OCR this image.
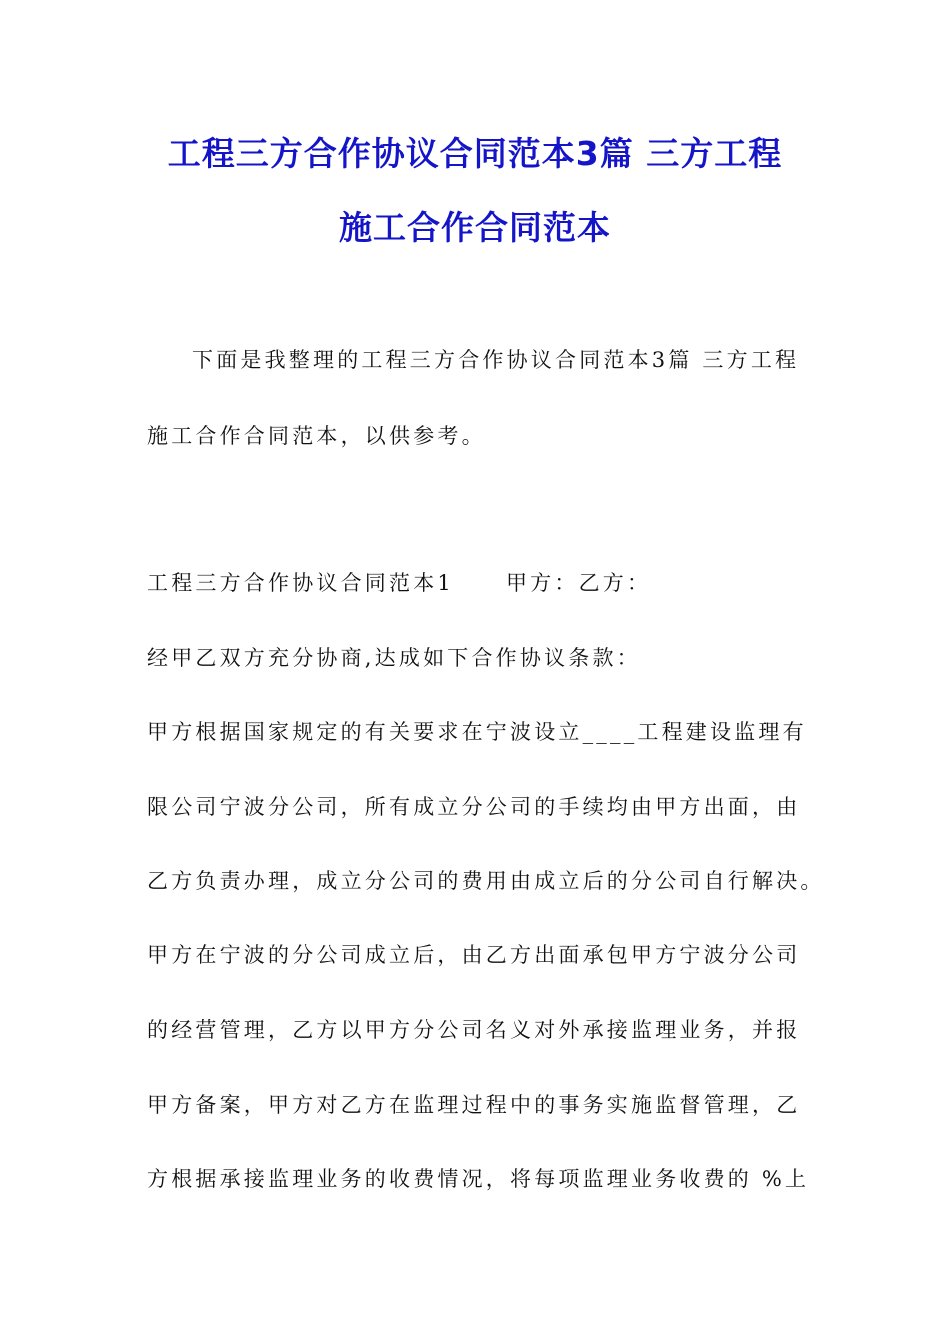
工程三方合作协议合同范本3篇 三方工程
施工合作合同范本
下面是我整理的工程三方合作协议合同范本3篇 三方工程
施工合作合同范本，以供参考。
工程三方合作协议合同范本1 甲方：乙方：
经甲乙双方充分协商,达成如下合作协议条款：
甲方根据国家规定的有关要求在宁波设立____工程建设监理有
限公司宁波分公司，所有成立分公司的手续均由甲方出面，由
乙方负责办理，成立分公司的费用由成立后的分公司自行解决。
甲方在宁波的分公司成立后，由乙方出面承包甲方宁波分公司
的经营管理，乙方以甲方分公司名义对外承接监理业务，并报
甲方备案，甲方对乙方在监理过程中的事务实施监督管理，乙
方根据承接监理业务的收费情况，将每项监理业务收费的 %上
